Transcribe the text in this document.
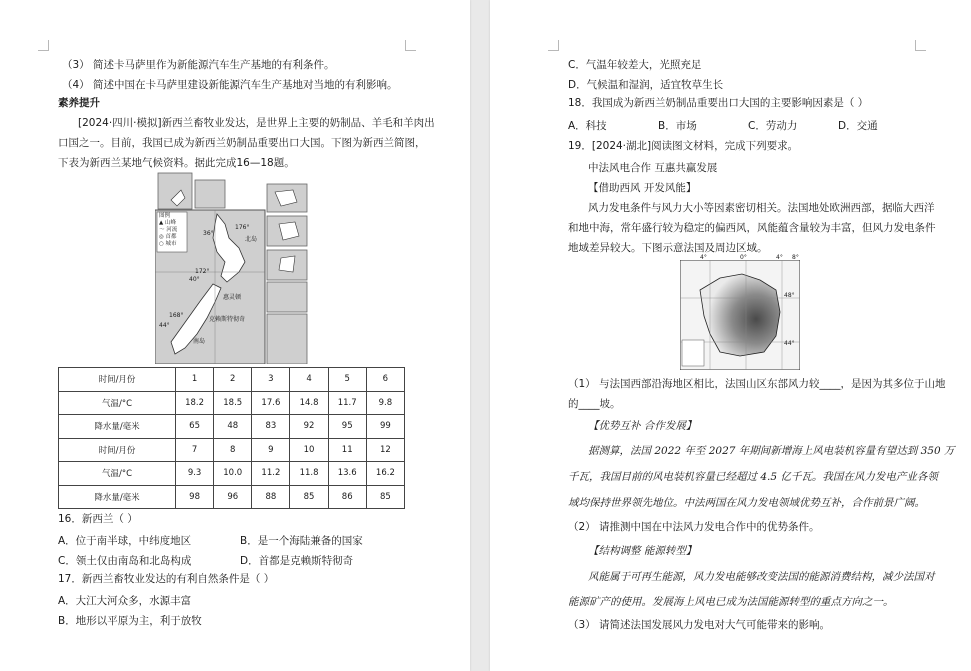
（3） 简述卡马萨里作为新能源汽车生产基地的有利条件。
（4） 简述中国在卡马萨里建设新能源汽车生产基地对当地的有利影响。
素养提升
[2024·四川·模拟]新西兰畜牧业发达，是世界上主要的奶制品、羊毛和羊肉出
口国之一。目前，我国已成为新西兰奶制品重要出口大国。下图为新西兰简图，
下表为新西兰某地气候资料。据此完成16—18题。
图例
▲ 山峰
〜 河流
◎ 首都
○ 城市
176°
北岛
172°
40°
36°
168°
44°
惠灵顿
南岛
克赖斯特彻奇
时间/月份	1	2	3	4	5	6
气温/°C	18.2	18.5	17.6	14.8	11.7	9.8
降水量/毫米	65	48	83	92	95	99
时间/月份	7	8	9	10	11	12
气温/°C	9.3	10.0	11.2	11.8	13.6	16.2
降水量/毫米	98	96	88	85	86	85
16．新西兰（ ）
A．位于南半球，中纬度地区	B．是一个海陆兼备的国家
C．领土仅由南岛和北岛构成	D．首都是克赖斯特彻奇
17．新西兰畜牧业发达的有利自然条件是（ ）
A．大江大河众多，水源丰富
B．地形以平原为主，利于放牧
C．气温年较差大，光照充足
D．气候温和湿润，适宜牧草生长
18．我国成为新西兰奶制品重要出口大国的主要影响因素是（ ）
A．科技	B．市场	C．劳动力	D．交通
19．[2024·湖北]阅读图文材料，完成下列要求。
中法风电合作 互惠共赢发展
【借助西风 开发风能】
风力发电条件与风力大小等因素密切相关。法国地处欧洲西部，据临大西洋
和地中海，常年盛行较为稳定的偏西风，风能蕴含量较为丰富，但风力发电条件
地域差异较大。下图示意法国及周边区域。
4°	0°	4° 8°
48°
44°
（1） 与法国西部沿海地区相比，法国山区东部风力较____，是因为其多位于山地
的____坡。
【优势互补 合作发展】
据测算，法国 2022 年至 2027 年期间新增海上风电装机容量有望达到 350 万
千瓦，我国目前的风电装机容量已经超过 4.5 亿千瓦。我国在风力发电产业各领
域均保持世界领先地位。中法两国在风力发电领域优势互补，合作前景广阔。
（2） 请推测中国在中法风力发电合作中的优势条件。
【结构调整 能源转型】
风能属于可再生能源，风力发电能够改变法国的能源消费结构，减少法国对
能源矿产的使用。发展海上风电已成为法国能源转型的重点方向之一。
（3） 请简述法国发展风力发电对大气可能带来的影响。
